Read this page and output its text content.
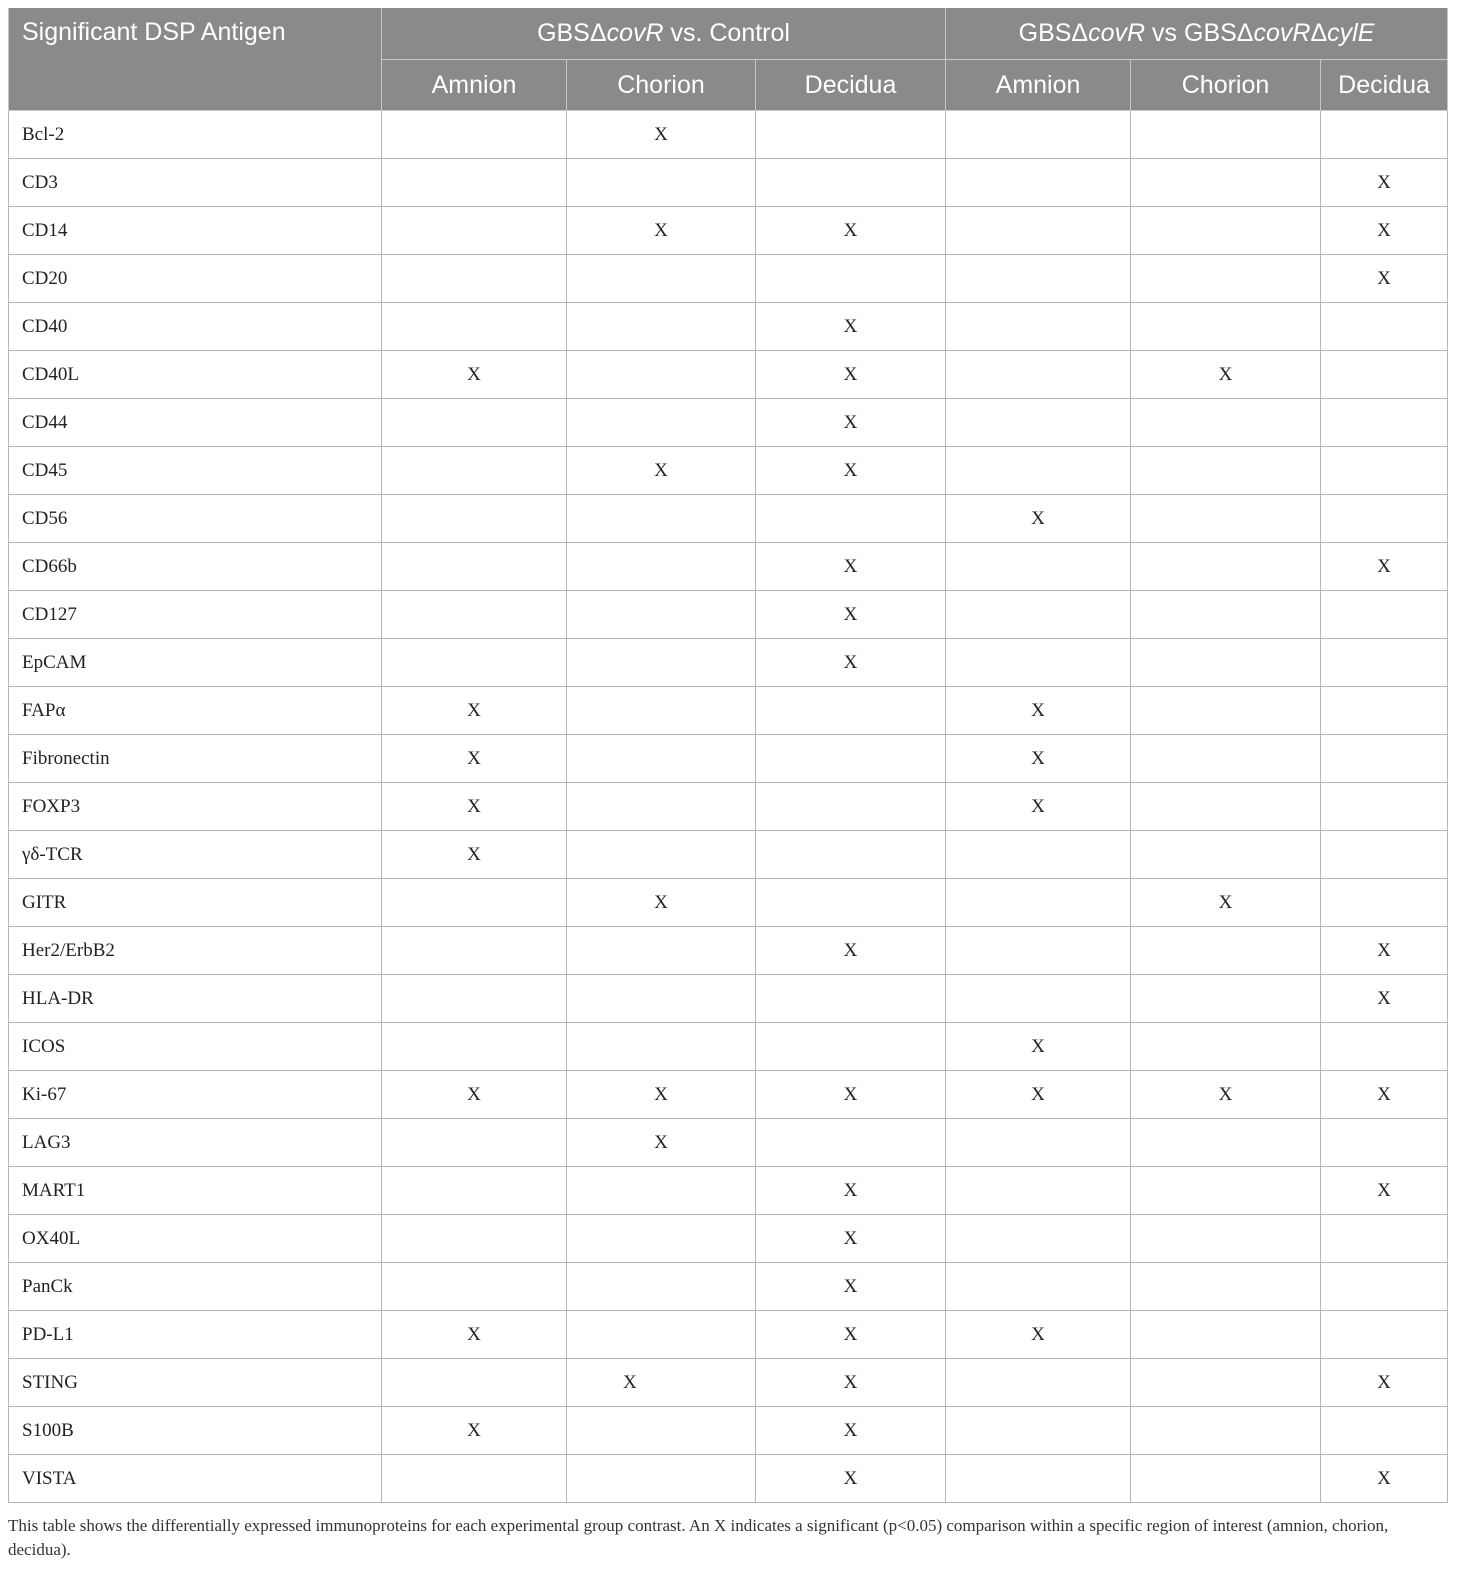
Significant DSP Antigen	GBSΔcovR vs. Control			GBSΔcovR vs GBSΔcovRΔcylE		
	Amnion	Chorion	Decidua	Amnion	Chorion	Decidua
Bcl-2		X				
CD3						X
CD14		X	X			X
CD20						X
CD40			X			
CD40L	X		X		X	
CD44			X			
CD45		X	X			
CD56				X		
CD66b			X			X
CD127			X			
EpCAM			X			
FAPα	X			X		
Fibronectin	X			X		
FOXP3	X			X		
γδ-TCR	X					
GITR		X			X	
Her2/ErbB2			X			X
HLA-DR						X
ICOS				X		
Ki-67	X	X	X	X	X	X
LAG3		X				
MART1			X			X
OX40L			X			
PanCk			X			
PD-L1	X		X	X		
STING		X	X			X
S100B	X		X			
VISTA			X			X
This table shows the differentially expressed immunoproteins for each experimental group contrast. An X indicates a significant (p<0.05) comparison within a specific region of interest (amnion, chorion, decidua).
